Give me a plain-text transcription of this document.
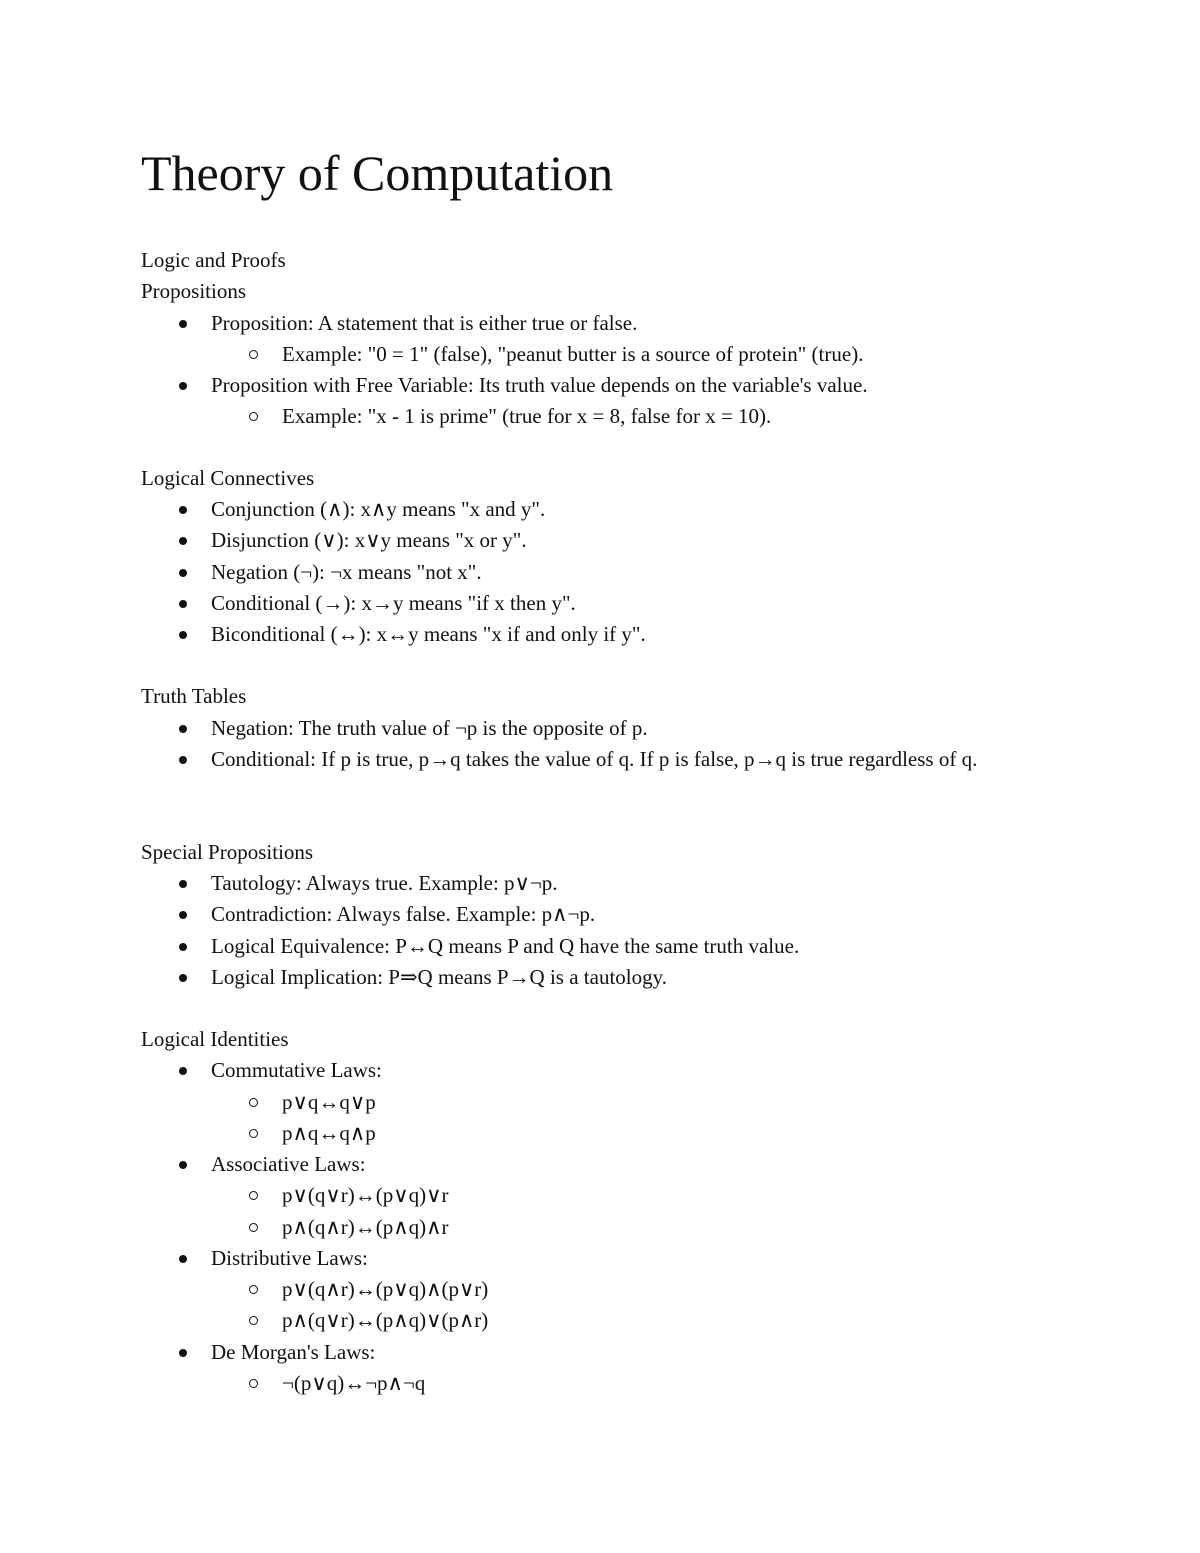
Theory of Computation
Logic and Proofs
Propositions
Proposition: A statement that is either true or false.
Example: "0 = 1" (false), "peanut butter is a source of protein" (true).
Proposition with Free Variable: Its truth value depends on the variable's value.
Example: "x - 1 is prime" (true for x = 8, false for x = 10).
Logical Connectives
Conjunction (∧): x∧y means "x and y".
Disjunction (∨): x∨y means "x or y".
Negation (¬): ¬x means "not x".
Conditional (→): x→y means "if x then y".
Biconditional (↔): x↔y means "x if and only if y".
Truth Tables
Negation: The truth value of ¬p is the opposite of p.
Conditional: If p is true, p→q takes the value of q. If p is false, p→q is true regardless of q.
Special Propositions
Tautology: Always true. Example: p∨¬p.
Contradiction: Always false. Example: p∧¬p.
Logical Equivalence: P↔Q means P and Q have the same truth value.
Logical Implication: P⇒Q means P→Q is a tautology.
Logical Identities
Commutative Laws:
p∨q↔q∨p
p∧q↔q∧p
Associative Laws:
p∨(q∨r)↔(p∨q)∨r
p∧(q∧r)↔(p∧q)∧r
Distributive Laws:
p∨(q∧r)↔(p∨q)∧(p∨r)
p∧(q∨r)↔(p∧q)∨(p∧r)
De Morgan's Laws:
¬(p∨q)↔¬p∧¬q
